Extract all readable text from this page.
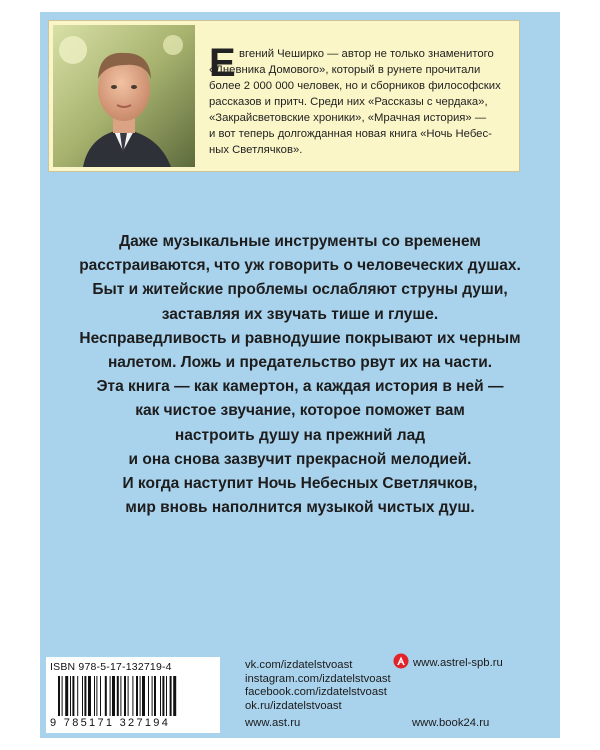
Е вгений Чеширко — автор не только знаменитого
«Дневника Домового», который в рунете прочитали
более 2 000 000 человек, но и сборников философских
рассказов и притч. Среди них «Рассказы с чердака»,
«Закрайсветовские хроники», «Мрачная история» —
и вот теперь долгожданная новая книга «Ночь Небес-
ных Светлячков».

Даже музыкальные инструменты со временем
расстраиваются, что уж говорить о человеческих душах.
Быт и житейские проблемы ослабляют струны души,
заставляя их звучать тише и глуше.
Несправедливость и равнодушие покрывают их черным
налетом. Ложь и предательство рвут их на части.
Эта книга — как камертон, а каждая история в ней —
как чистое звучание, которое поможет вам
настроить душу на прежний лад
и она снова зазвучит прекрасной мелодией.
И когда наступит Ночь Небесных Светлячков,
мир вновь наполнится музыкой чистых душ.

ISBN 978-5-17-132719-4
9 785171 327194
vk.com/izdatelstvoast
instagram.com/izdatelstvoast
facebook.com/izdatelstvoast
ok.ru/izdatelstvoast
www.ast.ru
www.astrel-spb.ru
www.book24.ru
